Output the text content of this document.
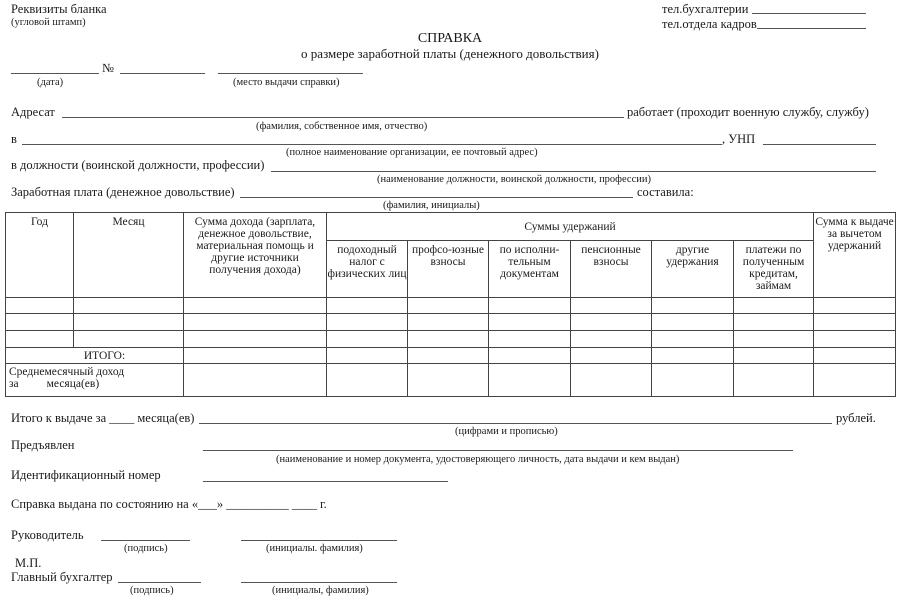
Реквизиты бланка
(угловой штамп)
тел.бухгалтерии
тел.отдела кадров
СПРАВКА
о размере заработной платы (денежного довольствия)
№
(дата)	(место выдачи справки)
Адресат	работает (проходит военную службу, службу)
(фамилия, собственное имя, отчество)
в	, УНП
(полное наименование организации, ее почтовый адрес)
в должности (воинской должности, профессии)
(наименование должности, воинской должности, профессии)
Заработная плата (денежное довольствие)	составила:
(фамилия, инициалы)
Год	Месяц	Сумма дохода (зарплата, денежное довольствие, материальная помощь и другие источники получения дохода)	Суммы удержаний						Сумма к выдаче за вычетом удержаний
			подоходный налог с физических лиц	профсо-юзные взносы	по исполни-тельным документам	пенсионные взносы	другие удержания	платежи по полученным кредитам, займам	

ИТОГО:									

Среднемесячный доход
за месяца(ев)									

Итого к выдаче за ____ месяца(ев)	рублей.
(цифрами и прописью)
Предъявлен
(наименование и номер документа, удостоверяющего личность, дата выдачи и кем выдан)
Идентификационный номер
Справка выдана по состоянию на «___» __________ ____ г.
Руководитель
(подпись)	(инициалы. фамилия)
М.П.
Главный бухгалтер
(подпись)	(инициалы, фамилия)
